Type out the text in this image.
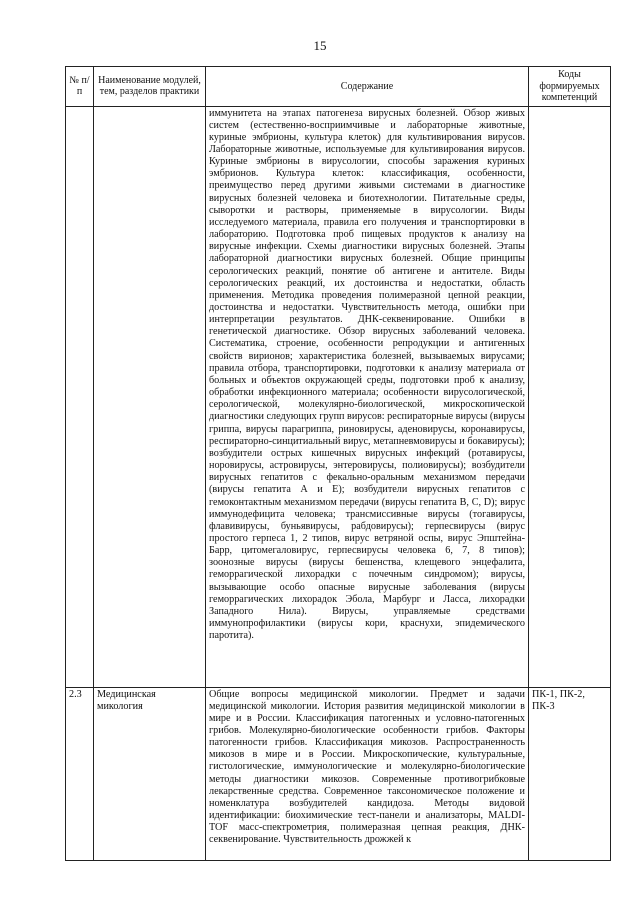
15
№ п/п	Наименование модулей, тем, разделов практики	Содержание	Коды формируемых компетенций
		иммунитета на этапах патогенеза вирусных болезней. Обзор живых систем (естественно-восприимчивые и лабораторные животные, куриные эмбрионы, культура клеток) для культивирования вирусов. Лабораторные животные, используемые для культивирования вирусов. Куриные эмбрионы в вирусологии, способы заражения куриных эмбрионов. Культура клеток: классификация, особенности, преимущество перед другими живыми системами в диагностике вирусных болезней человека и биотехнологии. Питательные среды, сыворотки и растворы, применяемые в вирусологии. Виды исследуемого материала, правила его получения и транспортировки в лабораторию. Подготовка проб пищевых продуктов к анализу на вирусные инфекции. Схемы диагностики вирусных болезней. Этапы лабораторной диагностики вирусных болезней. Общие принципы серологических реакций, понятие об антигене и антителе. Виды серологических реакций, их достоинства и недостатки, область применения. Методика проведения полимеразной цепной реакции, достоинства и недостатки. Чувствительность метода, ошибки при интерпретации результатов. ДНК-секвенирование. Ошибки в генетической диагностике. Обзор вирусных заболеваний человека. Систематика, строение, особенности репродукции и антигенных свойств вирионов; характеристика болезней, вызываемых вирусами; правила отбора, транспортировки, подготовки к анализу материала от больных и объектов окружающей среды, подготовки проб к анализу, обработки инфекционного материала; особенности вирусологической, серологической, молекулярно-биологической, микроскопической диагностики следующих групп вирусов: респираторные вирусы (вирусы гриппа, вирусы парагриппа, риновирусы, аденовирусы, коронавирусы, респираторно-синцитиальный вирус, метапневмовирусы и бокавирусы); возбудители острых кишечных вирусных инфекций (ротавирусы, норовирусы, астровирусы, энтеровирусы, полиовирусы); возбудители вирусных гепатитов с фекально-оральным механизмом передачи (вирусы гепатита А и Е); возбудители вирусных гепатитов с гемоконтактным механизмом передачи (вирусы гепатита B, C, D); вирус иммунодефицита человека; трансмиссивные вирусы (тогавирусы, флавивирусы, буньявирусы, рабдовирусы); герпесвирусы (вирус простого герпеса 1, 2 типов, вирус ветряной оспы, вирус Эпштейна-Барр, цитомегаловирус, герпесвирусы человека 6, 7, 8 типов); зоонозные вирусы (вирусы бешенства, клещевого энцефалита, геморрагической лихорадки с почечным синдромом); вирусы, вызывающие особо опасные вирусные заболевания (вирусы геморрагических лихорадок Эбола, Марбург и Ласса, лихорадки Западного Нила). Вирусы, управляемые средствами иммунопрофилактики (вирусы кори, краснухи, эпидемического паротита).	
2.3	Медицинская микология	Общие вопросы медицинской микологии. Предмет и задачи медицинской микологии. История развития медицинской микологии в мире и в России. Классификация патогенных и условно-патогенных грибов. Молекулярно-биологические особенности грибов. Факторы патогенности грибов. Классификация микозов. Распространенность микозов в мире и в России. Микроскопические, культуральные, гистологические, иммунологические и молекулярно-биологические методы диагностики микозов. Современные противогрибковые лекарственные средства. Современное таксономическое положение и номенклатура возбудителей кандидоза. Методы видовой идентификации: биохимические тест-панели и анализаторы, MALDI-TOF масс-спектрометрия, полимеразная цепная реакция, ДНК-секвенирование. Чувствительность дрожжей к	ПК-1, ПК-2, ПК-3
